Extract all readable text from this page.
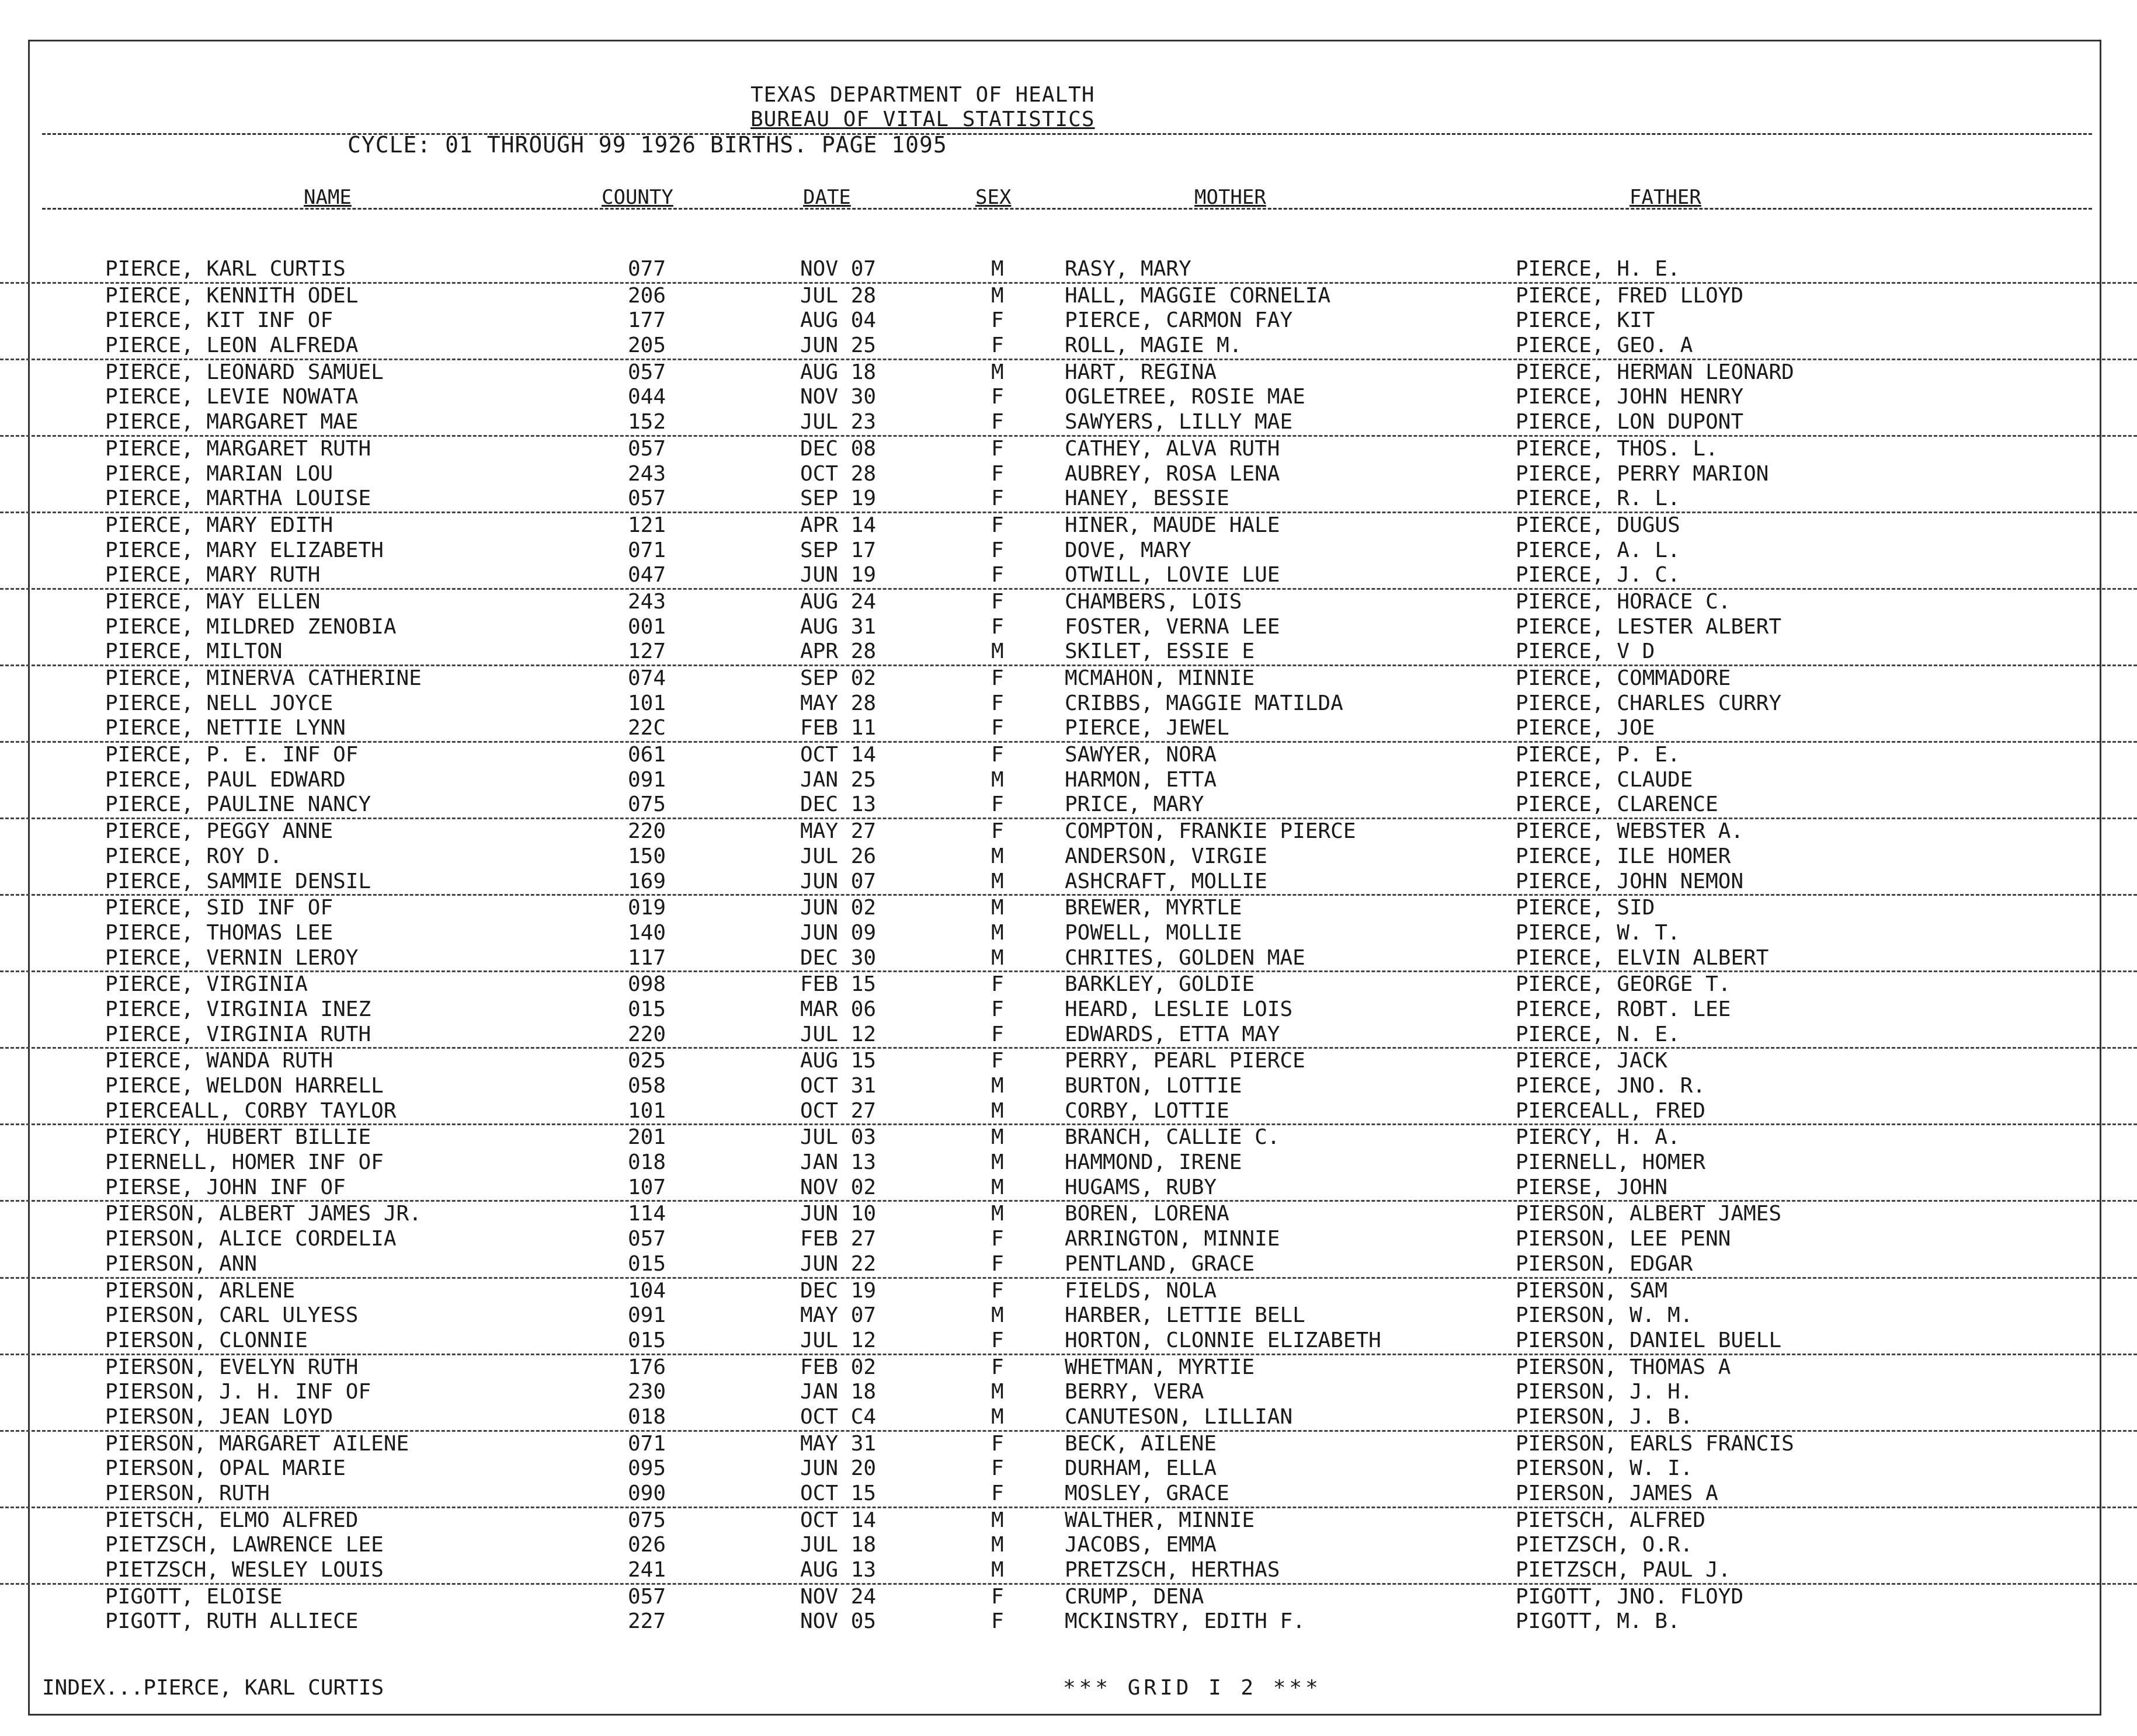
TEXAS DEPARTMENT OF HEALTH
BUREAU OF VITAL STATISTICS
CYCLE: 01 THROUGH 99 1926 BIRTHS. PAGE 1095
NAME	COUNTY	DATE	SEX	MOTHER	FATHER
PIERCE, KARL CURTIS	077	NOV 07	M	RASY, MARY	PIERCE, H. E.
PIERCE, KENNITH ODEL	206	JUL 28	M	HALL, MAGGIE CORNELIA	PIERCE, FRED LLOYD
PIERCE, KIT INF OF	177	AUG 04	F	PIERCE, CARMON FAY	PIERCE, KIT
PIERCE, LEON ALFREDA	205	JUN 25	F	ROLL, MAGIE M.	PIERCE, GEO. A
PIERCE, LEONARD SAMUEL	057	AUG 18	M	HART, REGINA	PIERCE, HERMAN LEONARD
PIERCE, LEVIE NOWATA	044	NOV 30	F	OGLETREE, ROSIE MAE	PIERCE, JOHN HENRY
PIERCE, MARGARET MAE	152	JUL 23	F	SAWYERS, LILLY MAE	PIERCE, LON DUPONT
PIERCE, MARGARET RUTH	057	DEC 08	F	CATHEY, ALVA RUTH	PIERCE, THOS. L.
PIERCE, MARIAN LOU	243	OCT 28	F	AUBREY, ROSA LENA	PIERCE, PERRY MARION
PIERCE, MARTHA LOUISE	057	SEP 19	F	HANEY, BESSIE	PIERCE, R. L.
PIERCE, MARY EDITH	121	APR 14	F	HINER, MAUDE HALE	PIERCE, DUGUS
PIERCE, MARY ELIZABETH	071	SEP 17	F	DOVE, MARY	PIERCE, A. L.
PIERCE, MARY RUTH	047	JUN 19	F	OTWILL, LOVIE LUE	PIERCE, J. C.
PIERCE, MAY ELLEN	243	AUG 24	F	CHAMBERS, LOIS	PIERCE, HORACE C.
PIERCE, MILDRED ZENOBIA	001	AUG 31	F	FOSTER, VERNA LEE	PIERCE, LESTER ALBERT
PIERCE, MILTON	127	APR 28	M	SKILET, ESSIE E	PIERCE, V D
PIERCE, MINERVA CATHERINE	074	SEP 02	F	MCMAHON, MINNIE	PIERCE, COMMADORE
PIERCE, NELL JOYCE	101	MAY 28	F	CRIBBS, MAGGIE MATILDA	PIERCE, CHARLES CURRY
PIERCE, NETTIE LYNN	22C	FEB 11	F	PIERCE, JEWEL	PIERCE, JOE
PIERCE, P. E. INF OF	061	OCT 14	F	SAWYER, NORA	PIERCE, P. E.
PIERCE, PAUL EDWARD	091	JAN 25	M	HARMON, ETTA	PIERCE, CLAUDE
PIERCE, PAULINE NANCY	075	DEC 13	F	PRICE, MARY	PIERCE, CLARENCE
PIERCE, PEGGY ANNE	220	MAY 27	F	COMPTON, FRANKIE PIERCE	PIERCE, WEBSTER A.
PIERCE, ROY D.	150	JUL 26	M	ANDERSON, VIRGIE	PIERCE, ILE HOMER
PIERCE, SAMMIE DENSIL	169	JUN 07	M	ASHCRAFT, MOLLIE	PIERCE, JOHN NEMON
PIERCE, SID INF OF	019	JUN 02	M	BREWER, MYRTLE	PIERCE, SID
PIERCE, THOMAS LEE	140	JUN 09	M	POWELL, MOLLIE	PIERCE, W. T.
PIERCE, VERNIN LEROY	117	DEC 30	M	CHRITES, GOLDEN MAE	PIERCE, ELVIN ALBERT
PIERCE, VIRGINIA	098	FEB 15	F	BARKLEY, GOLDIE	PIERCE, GEORGE T.
PIERCE, VIRGINIA INEZ	015	MAR 06	F	HEARD, LESLIE LOIS	PIERCE, ROBT. LEE
PIERCE, VIRGINIA RUTH	220	JUL 12	F	EDWARDS, ETTA MAY	PIERCE, N. E.
PIERCE, WANDA RUTH	025	AUG 15	F	PERRY, PEARL PIERCE	PIERCE, JACK
PIERCE, WELDON HARRELL	058	OCT 31	M	BURTON, LOTTIE	PIERCE, JNO. R.
PIERCEALL, CORBY TAYLOR	101	OCT 27	M	CORBY, LOTTIE	PIERCEALL, FRED
PIERCY, HUBERT BILLIE	201	JUL 03	M	BRANCH, CALLIE C.	PIERCY, H. A.
PIERNELL, HOMER INF OF	018	JAN 13	M	HAMMOND, IRENE	PIERNELL, HOMER
PIERSE, JOHN INF OF	107	NOV 02	M	HUGAMS, RUBY	PIERSE, JOHN
PIERSON, ALBERT JAMES JR.	114	JUN 10	M	BOREN, LORENA	PIERSON, ALBERT JAMES
PIERSON, ALICE CORDELIA	057	FEB 27	F	ARRINGTON, MINNIE	PIERSON, LEE PENN
PIERSON, ANN	015	JUN 22	F	PENTLAND, GRACE	PIERSON, EDGAR
PIERSON, ARLENE	104	DEC 19	F	FIELDS, NOLA	PIERSON, SAM
PIERSON, CARL ULYESS	091	MAY 07	M	HARBER, LETTIE BELL	PIERSON, W. M.
PIERSON, CLONNIE	015	JUL 12	F	HORTON, CLONNIE ELIZABETH	PIERSON, DANIEL BUELL
PIERSON, EVELYN RUTH	176	FEB 02	F	WHETMAN, MYRTIE	PIERSON, THOMAS A
PIERSON, J. H. INF OF	230	JAN 18	M	BERRY, VERA	PIERSON, J. H.
PIERSON, JEAN LOYD	018	OCT C4	M	CANUTESON, LILLIAN	PIERSON, J. B.
PIERSON, MARGARET AILENE	071	MAY 31	F	BECK, AILENE	PIERSON, EARLS FRANCIS
PIERSON, OPAL MARIE	095	JUN 20	F	DURHAM, ELLA	PIERSON, W. I.
PIERSON, RUTH	090	OCT 15	F	MOSLEY, GRACE	PIERSON, JAMES A
PIETSCH, ELMO ALFRED	075	OCT 14	M	WALTHER, MINNIE	PIETSCH, ALFRED
PIETZSCH, LAWRENCE LEE	026	JUL 18	M	JACOBS, EMMA	PIETZSCH, O.R.
PIETZSCH, WESLEY LOUIS	241	AUG 13	M	PRETZSCH, HERTHAS	PIETZSCH, PAUL J.
PIGOTT, ELOISE	057	NOV 24	F	CRUMP, DENA	PIGOTT, JNO. FLOYD
PIGOTT, RUTH ALLIECE	227	NOV 05	F	MCKINSTRY, EDITH F.	PIGOTT, M. B.
INDEX...PIERCE, KARL CURTIS	*** GRID I 2 ***
